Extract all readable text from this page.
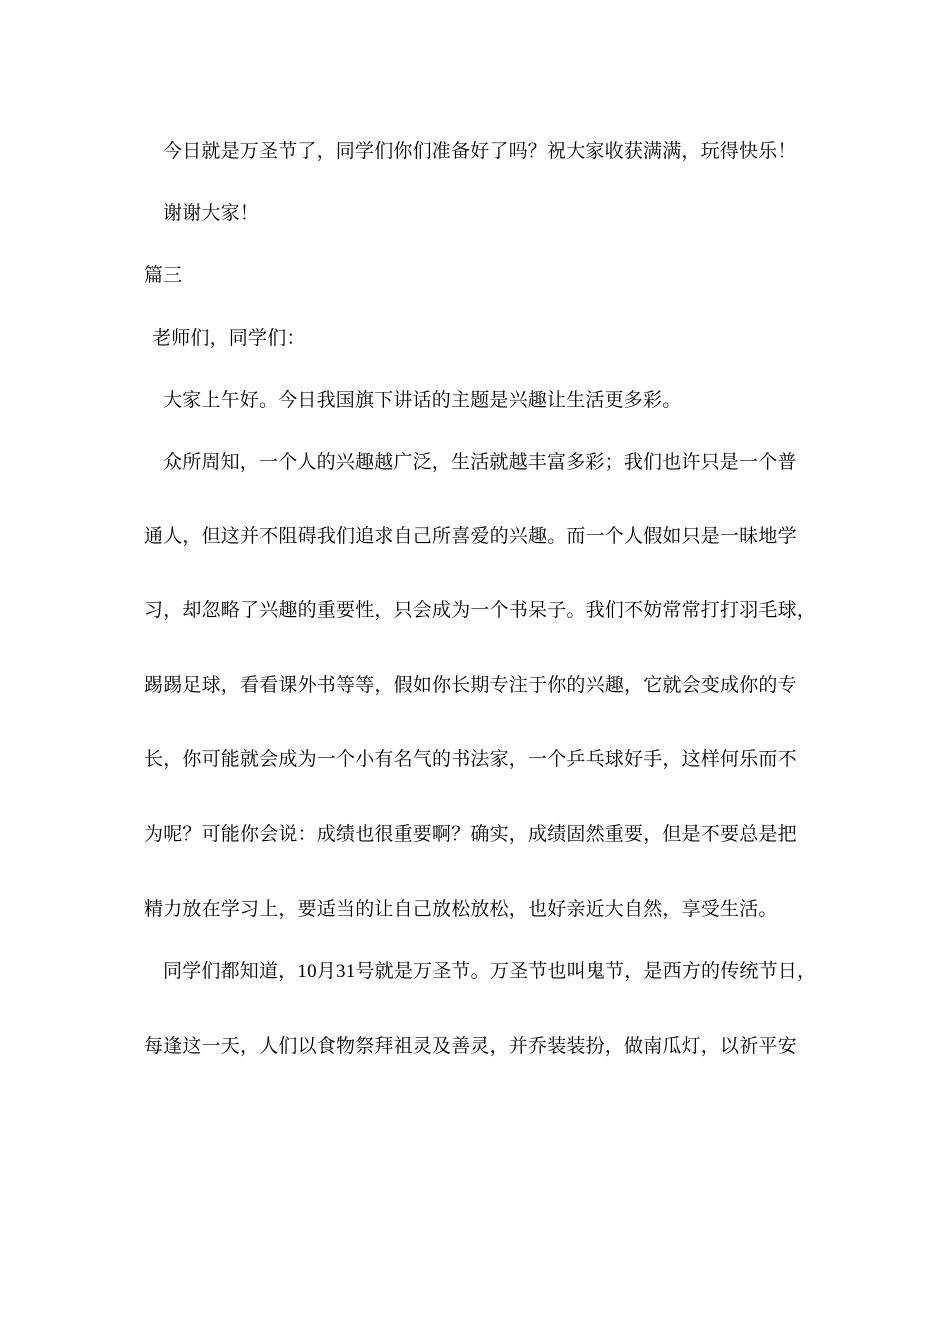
今日就是万圣节了，同学们你们准备好了吗？祝大家收获满满，玩得快乐！
谢谢大家！
篇三
老师们，同学们：
大家上午好。今日我国旗下讲话的主题是兴趣让生活更多彩。
众所周知，一个人的兴趣越广泛，生活就越丰富多彩；我们也许只是一个普
通人，但这并不阻碍我们追求自己所喜爱的兴趣。而一个人假如只是一昧地学
习，却忽略了兴趣的重要性，只会成为一个书呆子。我们不妨常常打打羽毛球，
踢踢足球，看看课外书等等，假如你长期专注于你的兴趣，它就会变成你的专
长，你可能就会成为一个小有名气的书法家，一个乒乓球好手，这样何乐而不
为呢？可能你会说：成绩也很重要啊？确实，成绩固然重要，但是不要总是把
精力放在学习上，要适当的让自己放松放松，也好亲近大自然，享受生活。
同学们都知道，10月31号就是万圣节。万圣节也叫鬼节，是西方的传统节日，
每逢这一天，人们以食物祭拜祖灵及善灵，并乔装装扮，做南瓜灯，以祈平安
